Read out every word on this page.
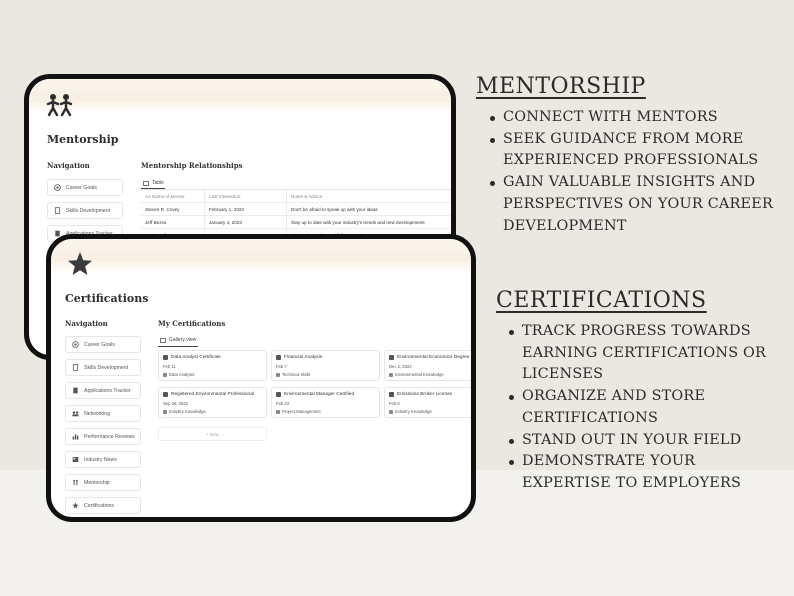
Mentorship
Navigation
Career Goals
Skills Development
Mentorship Relationships
Table
Aa Name of Mentor	Last Interaction	Notes & Advice
Steven R. Covey	February 1, 2023	Don't be afraid to speak up with your ideas
Jeff Bezos	January 4, 2023	Stay up to date with your industry's trends and new developments
Certifications
Navigation
Career Goals
Skills Development
Applications Tracker
Networking
Performance Reviews
Industry News
Mentorship
Certifications
My Certifications
Gallery view
Data Analyst Certificate
Feb 11
Data Analysis
Financial Analysis
Feb 7
Technical Skills
Environmental Economics Degree
Dec 2, 2022
Environmental Knowledge
Registered Environmental Professional
Sep 26, 2022
Industry Knowledge
Environmental Manager Certified
Feb 23
Project Management
Emissions Broker License
Feb 6
Industry Knowledge
+ New
MENTORSHIP
CONNECT WITH MENTORS
SEEK GUIDANCE FROM MORE EXPERIENCED PROFESSIONALS
GAIN VALUABLE INSIGHTS AND PERSPECTIVES ON YOUR CAREER DEVELOPMENT
CERTIFICATIONS
TRACK PROGRESS TOWARDS EARNING CERTIFICATIONS OR LICENSES
ORGANIZE AND STORE CERTIFICATIONS
STAND OUT IN YOUR FIELD
DEMONSTRATE YOUR EXPERTISE TO EMPLOYERS
